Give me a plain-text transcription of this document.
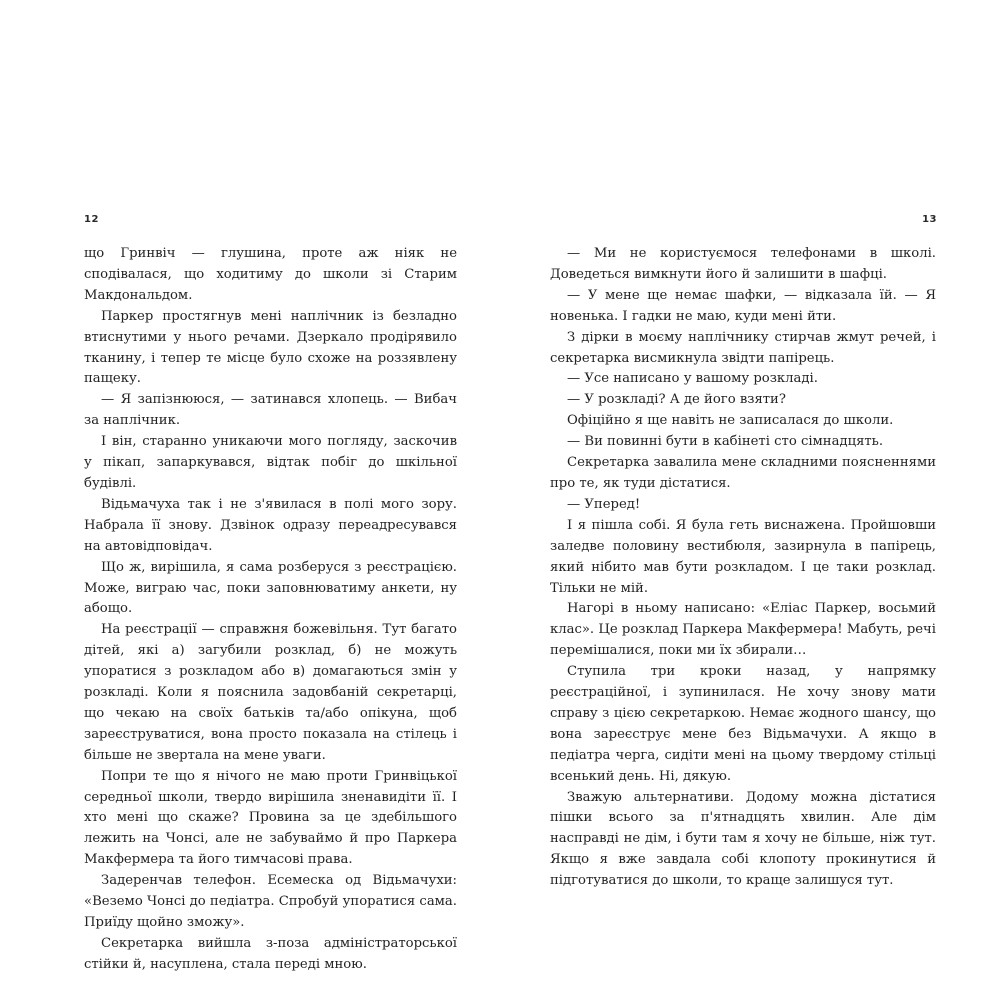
12

що Гринвіч — глушина, проте аж ніяк не сподівалася, що ходитиму до школи зі Старим Макдональдом.

Паркер простягнув мені наплічник із безладно втиснутими у нього речами. Дзеркало продірявило тканину, і тепер те місце було схоже на роззявлену пащеку.

— Я запізнююся, — затинався хлопець. — Вибач за наплічник.

І він, старанно уникаючи мого погляду, заскочив у пікап, запаркувався, відтак побіг до шкільної будівлі.

Відьмачуха так і не з'явилася в полі мого зору. Набрала її знову. Дзвінок одразу переадресувався на автовідповідач.

Що ж, вирішила, я сама розберуся з реєстрацією. Може, виграю час, поки заповнюватиму анкети, ну абощо.

На реєстрації — справжня божевільня. Тут багато дітей, які а) загубили розклад, б) не можуть упоратися з розкладом або в) домагаються змін у розкладі. Коли я пояснила задовбаній секретарці, що чекаю на своїх батьків та/або опікуна, щоб зареєструватися, вона просто показала на стілець і більше не звертала на мене уваги.

Попри те що я нічого не маю проти Гринвіцької середньої школи, твердо вирішила зненавидіти її. І хто мені що скаже? Провина за це здебільшого лежить на Чонсі, але не забуваймо й про Паркера Макфермера та його тимчасові права.

Задеренчав телефон. Есемеска од Відьмачухи: «Веземо Чонсі до педіатра. Спробуй упоратися сама. Приїду щойно зможу».

Секретарка вийшла з-поза адміністраторської стійки й, насуплена, стала переді мною.

13

— Ми не користуємося телефонами в школі. Доведеться вимкнути його й залишити в шафці.

— У мене ще немає шафки, — відказала їй. — Я новенька. І гадки не маю, куди мені йти.

З дірки в моєму наплічнику стирчав жмут речей, і секретарка висмикнула звідти папірець.

— Усе написано у вашому розкладі.

— У розкладі? А де його взяти?

Офіційно я ще навіть не записалася до школи.

— Ви повинні бути в кабінеті сто сімнадцять.

Секретарка завалила мене складними поясненнями про те, як туди дістатися.

— Уперед!

І я пішла собі. Я була геть виснажена. Пройшовши заледве половину вестибюля, зазирнула в папірець, який нібито мав бути розкладом. І це таки розклад. Тільки не мій.

Нагорі в ньому написано: «Еліас Паркер, восьмий клас». Це розклад Паркера Макфермера! Мабуть, речі перемішалися, поки ми їх збирали…

Ступила три кроки назад, у напрямку реєстраційної, і зупинилася. Не хочу знову мати справу з цією секретаркою. Немає жодного шансу, що вона зареєструє мене без Відьмачухи. А якщо в педіатра черга, сидіти мені на цьому твердому стільці всенький день. Ні, дякую.

Зважую альтернативи. Додому можна дістатися пішки всього за п'ятнадцять хвилин. Але дім насправді не дім, і бути там я хочу не більше, ніж тут. Якщо я вже завдала собі клопоту прокинутися й підготуватися до школи, то краще залишуся тут.
